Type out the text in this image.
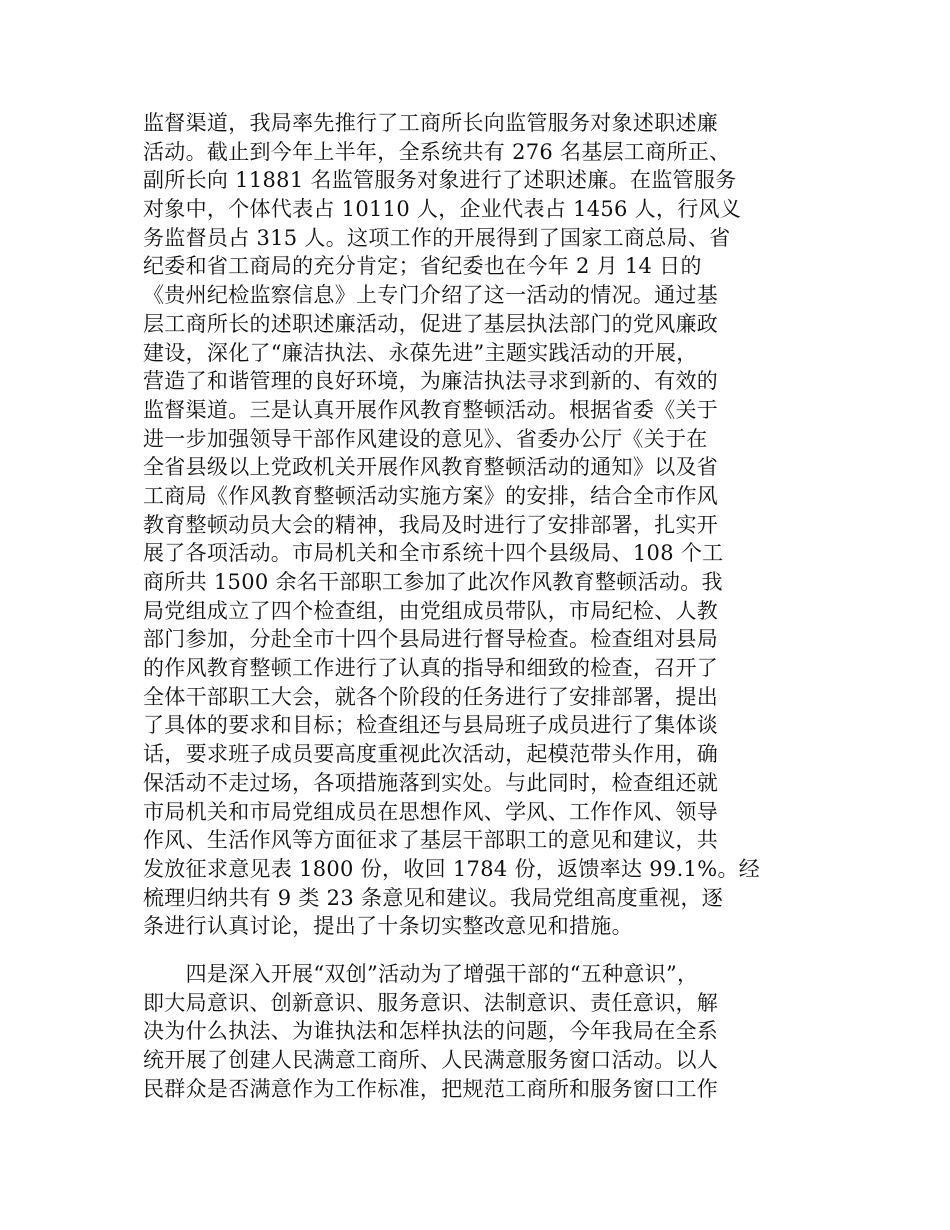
监督渠道，我局率先推行了工商所长向监管服务对象述职述廉
活动。截止到今年上半年，全系统共有 276 名基层工商所正、
副所长向 11881 名监管服务对象进行了述职述廉。在监管服务
对象中，个体代表占 10110 人，企业代表占 1456 人，行风义
务监督员占 315 人。这项工作的开展得到了国家工商总局、省
纪委和省工商局的充分肯定；省纪委也在今年 2 月 14 日的
《贵州纪检监察信息》上专门介绍了这一活动的情况。通过基
层工商所长的述职述廉活动，促进了基层执法部门的党风廉政
建设，深化了“廉洁执法、永葆先进”主题实践活动的开展，
营造了和谐管理的良好环境，为廉洁执法寻求到新的、有效的
监督渠道。三是认真开展作风教育整顿活动。根据省委《关于
进一步加强领导干部作风建设的意见》、省委办公厅《关于在
全省县级以上党政机关开展作风教育整顿活动的通知》以及省
工商局《作风教育整顿活动实施方案》的安排，结合全市作风
教育整顿动员大会的精神，我局及时进行了安排部署，扎实开
展了各项活动。市局机关和全市系统十四个县级局、108 个工
商所共 1500 余名干部职工参加了此次作风教育整顿活动。我
局党组成立了四个检查组，由党组成员带队，市局纪检、人教
部门参加，分赴全市十四个县局进行督导检查。检查组对县局
的作风教育整顿工作进行了认真的指导和细致的检查，召开了
全体干部职工大会，就各个阶段的任务进行了安排部署，提出
了具体的要求和目标；检查组还与县局班子成员进行了集体谈
话，要求班子成员要高度重视此次活动，起模范带头作用，确
保活动不走过场，各项措施落到实处。与此同时，检查组还就
市局机关和市局党组成员在思想作风、学风、工作作风、领导
作风、生活作风等方面征求了基层干部职工的意见和建议，共
发放征求意见表 1800 份，收回 1784 份，返馈率达 99.1%。经
梳理归纳共有 9 类 23 条意见和建议。我局党组高度重视，逐
条进行认真讨论，提出了十条切实整改意见和措施。
　　四是深入开展“双创”活动为了增强干部的“五种意识”，
即大局意识、创新意识、服务意识、法制意识、责任意识，解
决为什么执法、为谁执法和怎样执法的问题，今年我局在全系
统开展了创建人民满意工商所、人民满意服务窗口活动。以人
民群众是否满意作为工作标准，把规范工商所和服务窗口工作
